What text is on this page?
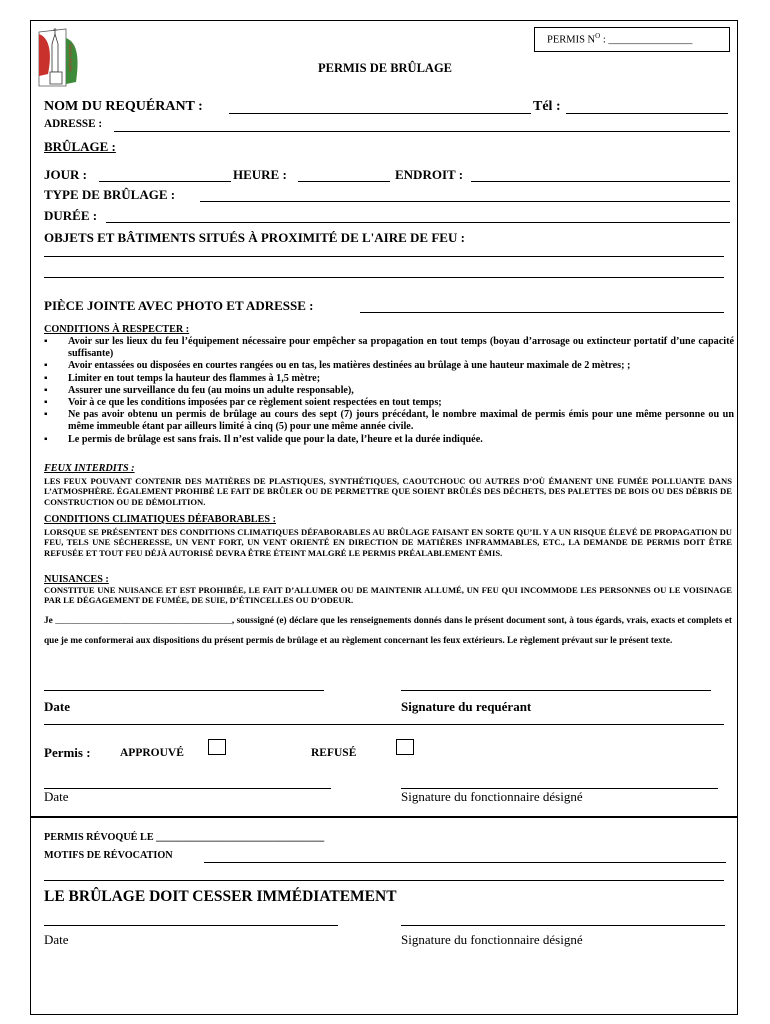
Sainte-Angèle
PERMIS $N^O$ : ________________
PERMIS DE BRÛLAGE
NOM DU REQUÉRANT :	Tél :
ADRESSE :
BRÛLAGE :
JOUR :	HEURE :	ENDROIT :
TYPE DE BRÛLAGE :
DURÉE :
OBJETS ET BÂTIMENTS SITUÉS À PROXIMITÉ DE L'AIRE DE FEU :
PIÈCE JOINTE AVEC PHOTO ET ADRESSE :
CONDITIONS À RESPECTER :
▪ Avoir sur les lieux du feu l’équipement nécessaire pour empêcher sa propagation en tout temps (boyau d’arrosage ou extincteur portatif d’une capacité suffisante)
▪ Avoir entassées ou disposées en courtes rangées ou en tas, les matières destinées au brûlage à une hauteur maximale de 2 mètres; ;
▪ Limiter en tout temps la hauteur des flammes à 1,5 mètre;
▪ Assurer une surveillance du feu (au moins un adulte responsable),
▪ Voir à ce que les conditions imposées par ce règlement soient respectées en tout temps;
▪ Ne pas avoir obtenu un permis de brûlage au cours des sept (7) jours précédant, le nombre maximal de permis émis pour une même personne ou un même immeuble étant par ailleurs limité à cinq (5) pour une même année civile.
▪ Le permis de brûlage est sans frais. Il n’est valide que pour la date, l’heure et la durée indiquée.
FEUX INTERDITS :
LES FEUX POUVANT CONTENIR DES MATIÈRES DE PLASTIQUES, SYNTHÉTIQUES, CAOUTCHOUC OU AUTRES D’OÙ ÉMANENT UNE FUMÉE POLLUANTE DANS L’ATMOSPHÈRE. ÉGALEMENT PROHIBÉ LE FAIT DE BRÛLER OU DE PERMETTRE QUE SOIENT BRÛLÉS DES DÉCHETS, DES PALETTES DE BOIS OU DES DÉBRIS DE CONSTRUCTION OU DE DÉMOLITION.
CONDITIONS CLIMATIQUES DÉFABORABLES :
LORSQUE SE PRÉSENTENT DES CONDITIONS CLIMATIQUES DÉFABORABLES AU BRÛLAGE FAISANT EN SORTE QU’IL Y A UN RISQUE ÉLEVÉ DE PROPAGATION DU FEU, TELS UNE SÉCHERESSE, UN VENT FORT, UN VENT ORIENTÉ EN DIRECTION DE MATIÈRES INFRAMMABLES, ETC., LA DEMANDE DE PERMIS DOIT ÊTRE REFUSÉE ET TOUT FEU DÉJÀ AUTORISÉ DEVRA ÊTRE ÉTEINT MALGRÉ LE PERMIS PRÉALABLEMENT ÉMIS.
NUISANCES :
CONSTITUE UNE NUISANCE ET EST PROHIBÉE, LE FAIT D’ALLUMER OU DE MAINTENIR ALLUMÉ, UN FEU QUI INCOMMODE LES PERSONNES OU LE VOISINAGE PAR LE DÉGAGEMENT DE FUMÉE, DE SUIE, D’ÉTINCELLES OU D’ODEUR.
Je ______________________________________, soussigné (e) déclare que les renseignements donnés dans le présent document sont, à tous égards, vrais, exacts et complets et que je me conformerai aux dispositions du présent permis de brûlage et au règlement concernant les feux extérieurs. Le règlement prévaut sur le présent texte.
Date	Signature du requérant
Permis :	APPROUVÉ	REFUSÉ
Date	Signature du fonctionnaire désigné
PERMIS RÉVOQUÉ LE _________________________________
MOTIFS DE RÉVOCATION
LE BRÛLAGE DOIT CESSER IMMÉDIATEMENT
Date	Signature du fonctionnaire désigné
